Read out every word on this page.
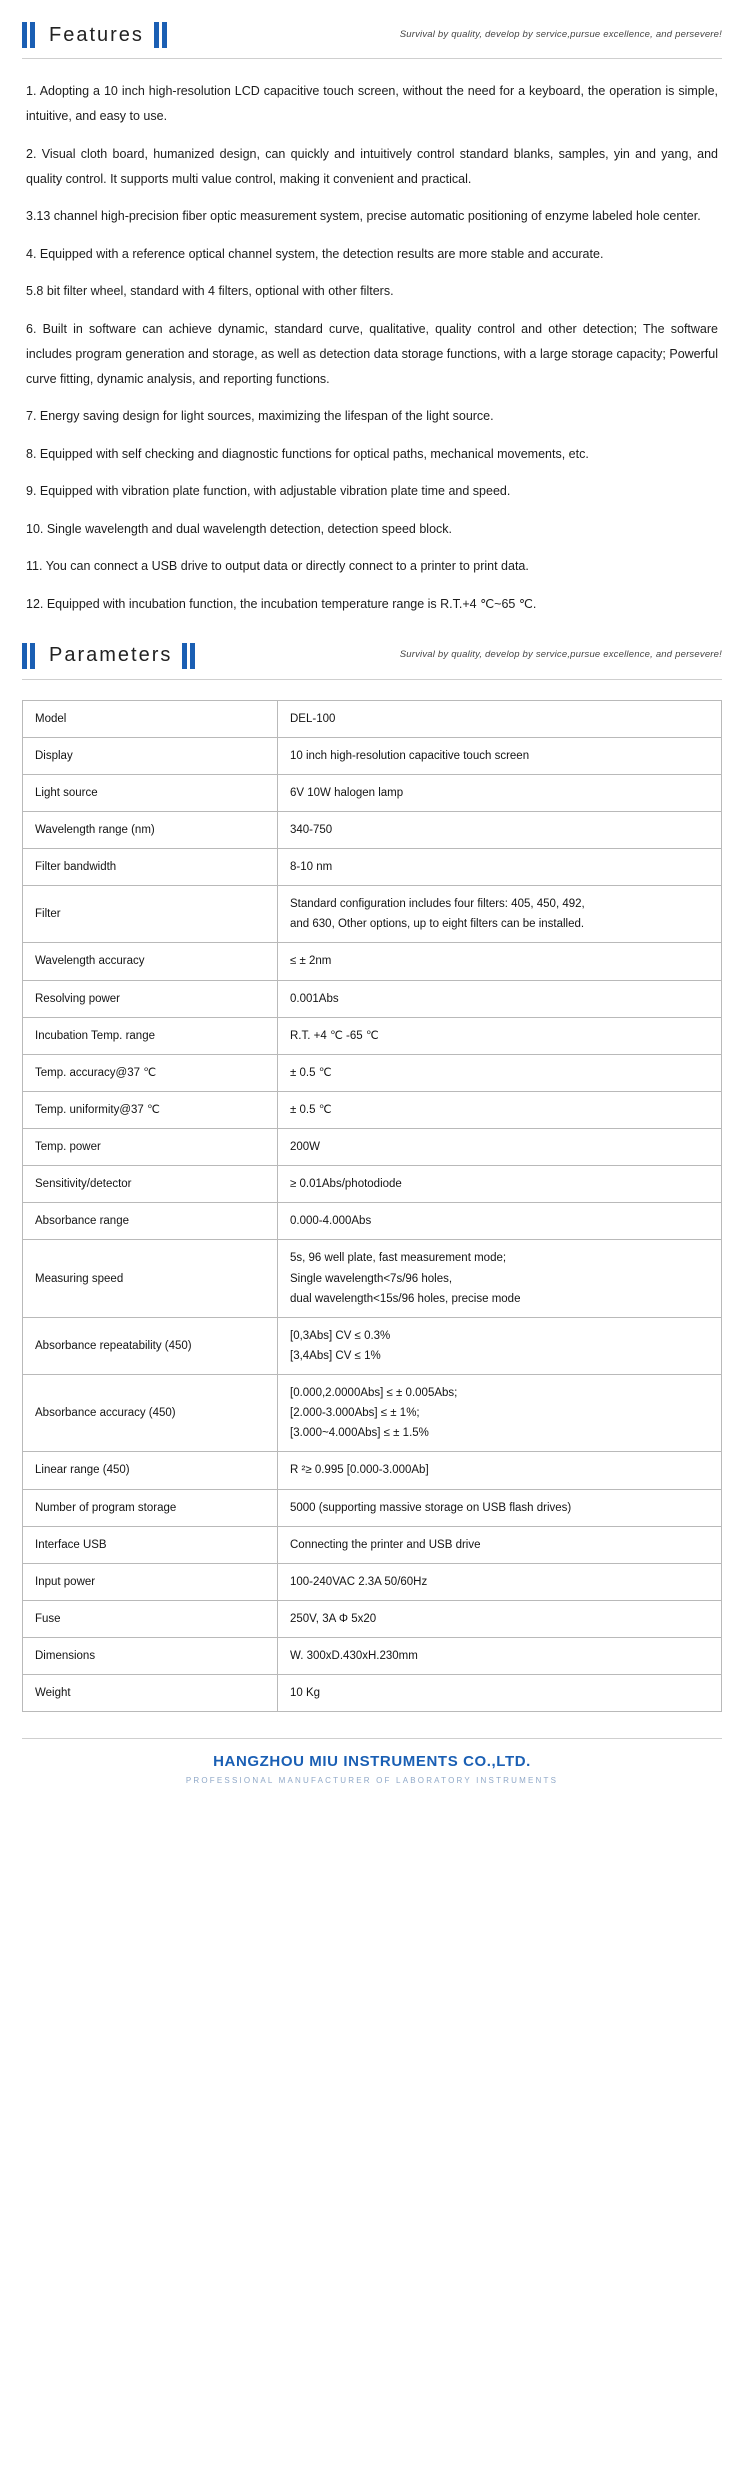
Features	Survival by quality, develop by service,pursue excellence, and persevere!

1. Adopting a 10 inch high-resolution LCD capacitive touch screen, without the need for a keyboard, the operation is simple, intuitive, and easy to use.

2. Visual cloth board, humanized design, can quickly and intuitively control standard blanks, samples, yin and yang, and quality control. It supports multi value control, making it convenient and practical.

3.13 channel high-precision fiber optic measurement system, precise automatic positioning of enzyme labeled hole center.

4. Equipped with a reference optical channel system, the detection results are more stable and accurate.

5.8 bit filter wheel, standard with 4 filters, optional with other filters.

6. Built in software can achieve dynamic, standard curve, qualitative, quality control and other detection; The software includes program generation and storage, as well as detection data storage functions, with a large storage capacity; Powerful curve fitting, dynamic analysis, and reporting functions.

7. Energy saving design for light sources, maximizing the lifespan of the light source.

8. Equipped with self checking and diagnostic functions for optical paths, mechanical movements, etc.

9. Equipped with vibration plate function, with adjustable vibration plate time and speed.

10. Single wavelength and dual wavelength detection, detection speed block.

11. You can connect a USB drive to output data or directly connect to a printer to print data.

12. Equipped with incubation function, the incubation temperature range is R.T.+4 ℃~65 ℃.

Parameters	Survival by quality, develop by service,pursue excellence, and persevere!
Model	DEL-100

Display	10 inch high-resolution capacitive touch screen

Light source	6V 10W halogen lamp

Wavelength range (nm)	340-750

Filter bandwidth	8-10 nm

Filter	Standard configuration includes four filters: 405, 450, 492,
and 630, Other options, up to eight filters can be installed.

Wavelength accuracy	≤ ± 2nm

Resolving power	0.001Abs

Incubation Temp. range	R.T. +4 ℃ -65 ℃

Temp. accuracy@37 ℃	± 0.5 ℃

Temp. uniformity@37 ℃	± 0.5 ℃

Temp. power	200W

Sensitivity/detector	≥ 0.01Abs/photodiode

Absorbance range	0.000-4.000Abs

Measuring speed	5s, 96 well plate, fast measurement mode;
Single wavelength<7s/96 holes,
dual wavelength<15s/96 holes, precise mode

Absorbance repeatability (450)	[0,3Abs] CV ≤ 0.3%
[3,4Abs] CV ≤ 1%

Absorbance accuracy (450)	[0.000,2.0000Abs] ≤ ± 0.005Abs;
[2.000-3.000Abs] ≤ ± 1%;
[3.000~4.000Abs] ≤ ± 1.5%

Linear range (450)	R ²≥ 0.995 [0.000-3.000Ab]

Number of program storage	5000 (supporting massive storage on USB flash drives)

Interface USB	Connecting the printer and USB drive

Input power	100-240VAC 2.3A 50/60Hz

Fuse	250V, 3A Φ 5x20

Dimensions	W. 300xD.430xH.230mm

Weight	10 Kg
HANGZHOU MIU INSTRUMENTS CO.,LTD.
PROFESSIONAL MANUFACTURER OF LABORATORY INSTRUMENTS
